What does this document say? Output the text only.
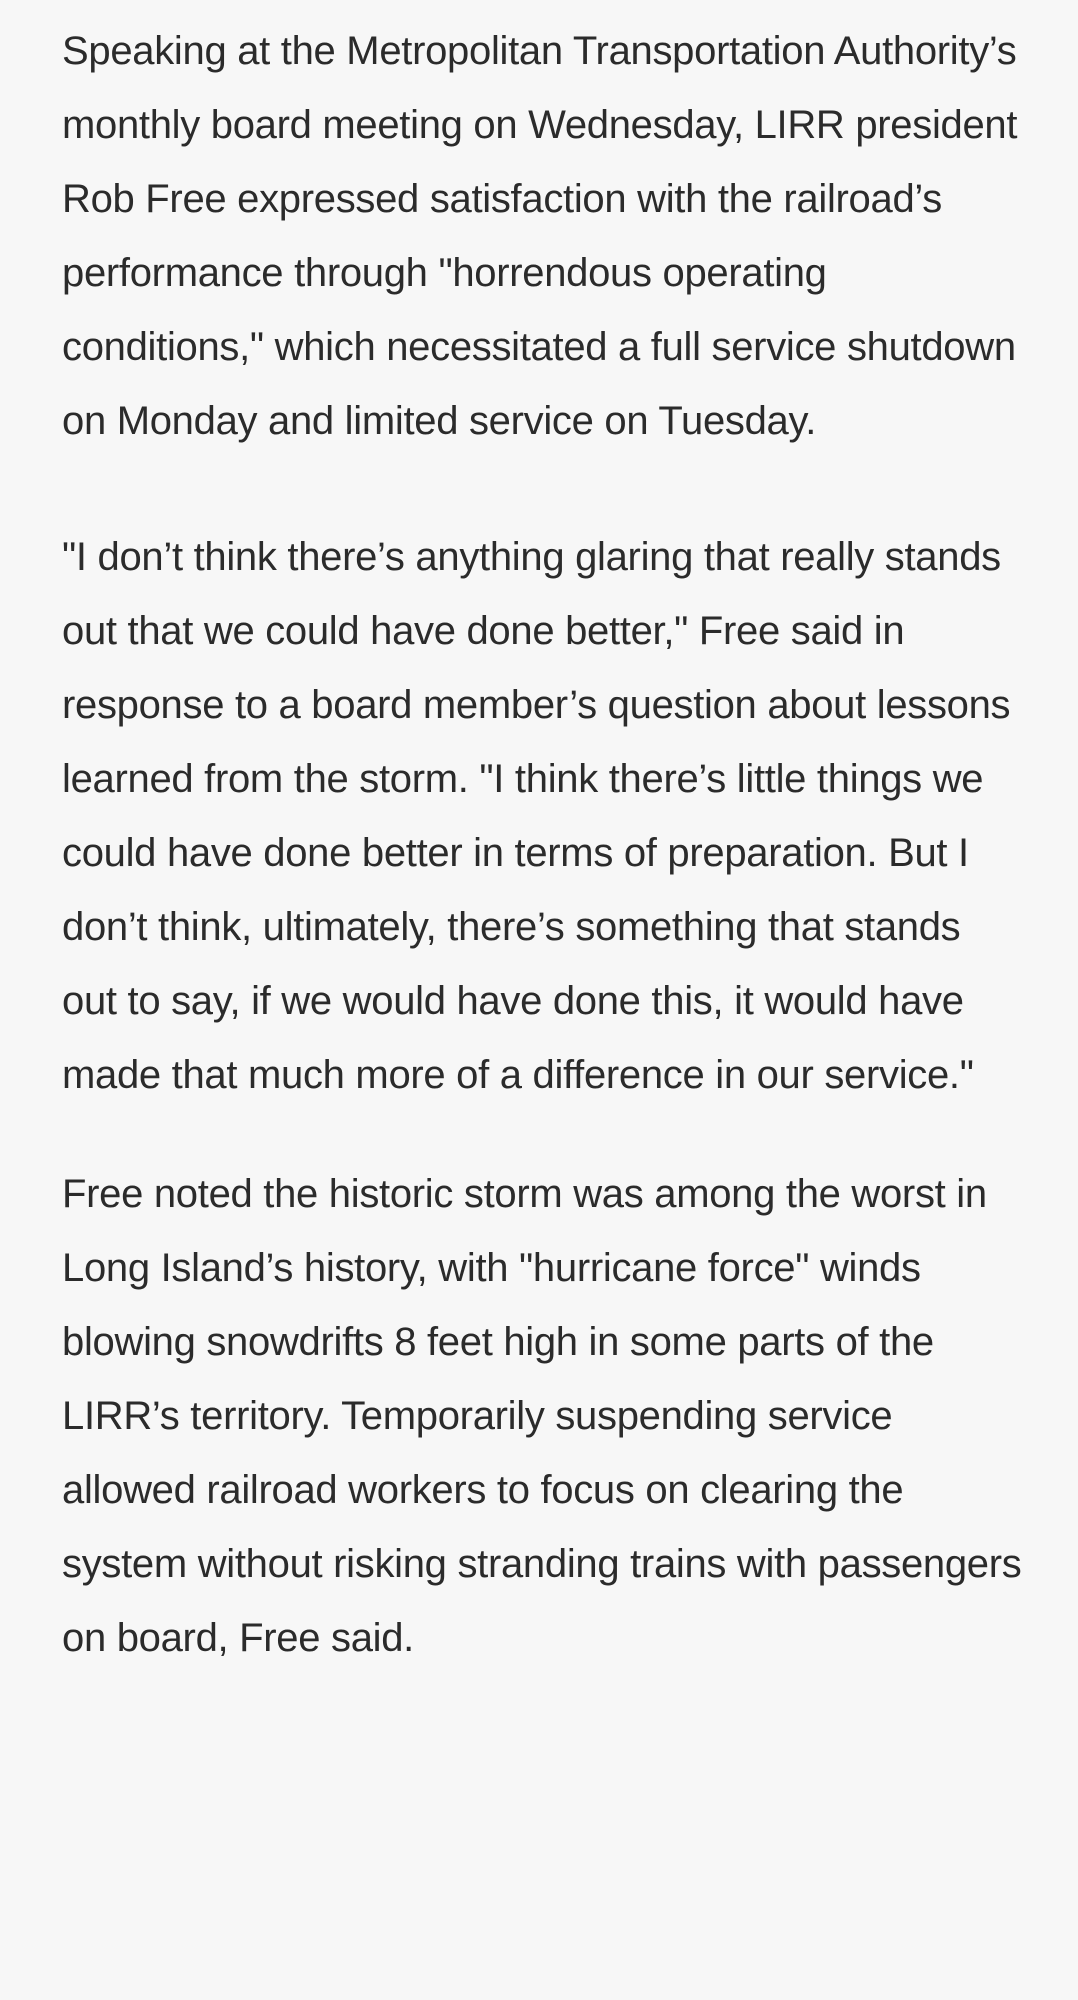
Speaking at the Metropolitan Transportation Authority’s monthly board meeting on Wednesday, LIRR president Rob Free expressed satisfaction with the railroad’s performance through "horrendous operating conditions," which necessitated a full service shutdown on Monday and limited service on Tuesday.

"I don’t think there’s anything glaring that really stands out that we could have done better," Free said in response to a board member’s question about lessons learned from the storm. "I think there’s little things we could have done better in terms of preparation. But I don’t think, ultimately, there’s something that stands out to say, if we would have done this, it would have made that much more of a difference in our service."

Free noted the historic storm was among the worst in Long Island’s history, with "hurricane force" winds blowing snowdrifts 8 feet high in some parts of the LIRR’s territory. Temporarily suspending service allowed railroad workers to focus on clearing the system without risking stranding trains with passengers on board, Free said.
